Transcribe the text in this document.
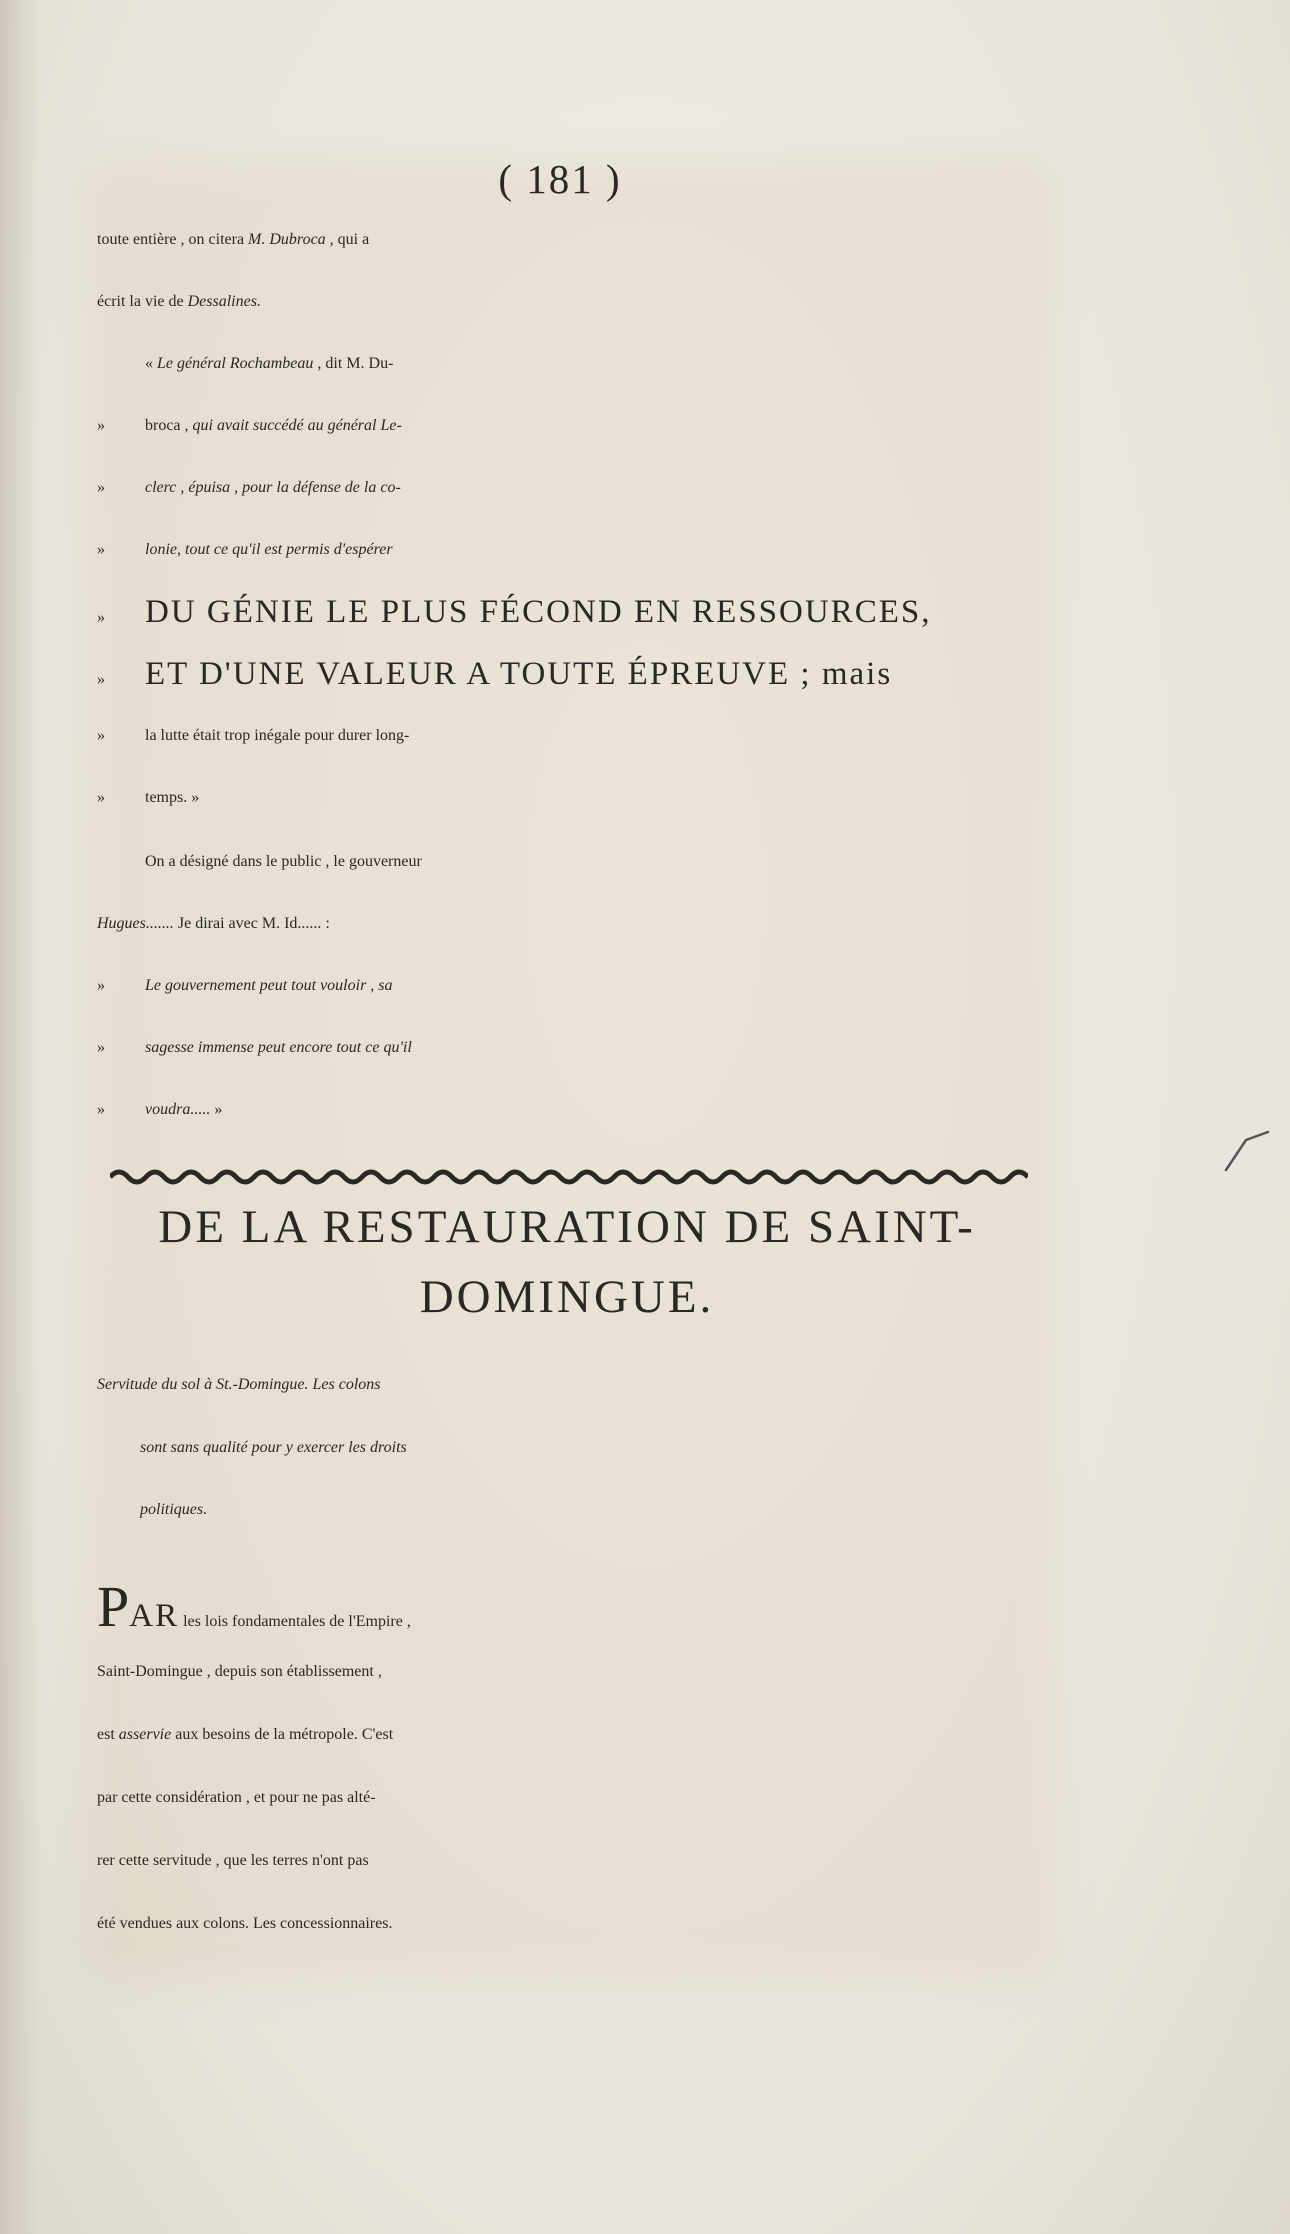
( 181 )
toute entière , on citera M. Dubroca , qui a
écrit la vie de Dessalines.
« Le général Rochambeau , dit M. Du-
»	broca , qui avait succédé au général Le-
»	clerc , épuisa , pour la défense de la co-
»	lonie, tout ce qu'il est permis d'espérer
» DU GÉNIE LE PLUS FÉCOND EN RESSOURCES,
» ET D'UNE VALEUR A TOUTE ÉPREUVE ; mais
»	la lutte était trop inégale pour durer long-
»	temps. »
On a désigné dans le public , le gouverneur
Hugues....... Je dirai avec M. Id...... :
»	Le gouvernement peut tout vouloir , sa
»	sagesse immense peut encore tout ce qu'il
»	voudra..... »
DE LA RESTAURATION DE SAINT-
DOMINGUE.
Servitude du sol à St.-Domingue. Les colons
sont sans qualité pour y exercer les droits
politiques.
PAR les lois fondamentales de l'Empire ,
Saint-Domingue , depuis son établissement ,
est asservie aux besoins de la métropole. C'est
par cette considération , et pour ne pas alté-
rer cette servitude , que les terres n'ont pas
été vendues aux colons. Les concessionnaires.
